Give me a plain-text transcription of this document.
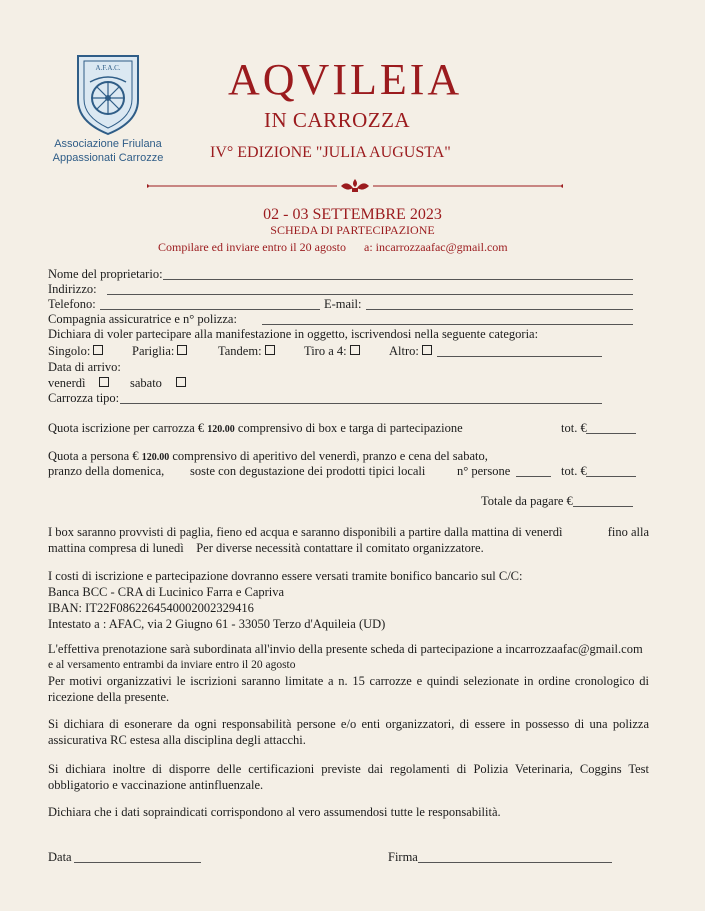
A.F.A.C.
Associazione Friulana
Appassionati Carrozze
AQVILEIA
IN CARROZZA
IV° EDIZIONE "JULIA AUGUSTA"
02 - 03 SETTEMBRE 2023
SCHEDA DI PARTECIPAZIONE
Compilare ed inviare entro il 20 agosto a: incarrozzaafac@gmail.com
Nome del proprietario:
Indirizzo:
Telefono:	E-mail:
Compagnia assicuratrice e n° polizza:
Dichiara di voler partecipare alla manifestazione in oggetto, iscrivendosi nella seguente categoria:
Singolo:	Pariglia:	Tandem:	Tiro a 4:	Altro:
Data di arrivo:
venerdì	sabato
Carrozza tipo:
Quota iscrizione per carrozza € 120.00 comprensivo di box e targa di partecipazione	tot. €
Quota a persona € 120.00 comprensivo di aperitivo del venerdì, pranzo e cena del sabato,
pranzo della domenica, soste con degustazione dei prodotti tipici locali	n° persone	tot. €
Totale da pagare €
I box saranno provvisti di paglia, fieno ed acqua e saranno disponibili a partire dalla mattina di venerdì	fino alla
mattina compresa di lunedì    Per diverse necessità contattare il comitato organizzatore.
I costi di iscrizione e partecipazione dovranno essere versati tramite bonifico bancario sul C/C:
Banca BCC - CRA di Lucinico Farra e Capriva
IBAN: IT22F0862264540002002329416
Intestato a : AFAC, via 2 Giugno 61 - 33050 Terzo d'Aquileia (UD)
L'effettiva prenotazione sarà subordinata all'invio della presente scheda di partecipazione a incarrozzaafac@gmail.com
e al versamento entrambi da inviare entro il 20 agosto
Per motivi organizzativi le iscrizioni saranno limitate a n. 15 carrozze e quindi selezionate in ordine cronologico di ricezione della presente.
Si dichiara di esonerare da ogni responsabilità persone e/o enti organizzatori, di essere in possesso di una polizza assicurativa RC estesa alla disciplina degli attacchi.
Si dichiara inoltre di disporre delle certificazioni previste dai regolamenti di Polizia Veterinaria, Coggins Test obbligatorio e vaccinazione antinfluenzale.
Dichiara che i dati sopraindicati corrispondono al vero assumendosi tutte le responsabilità.
Data	Firma
